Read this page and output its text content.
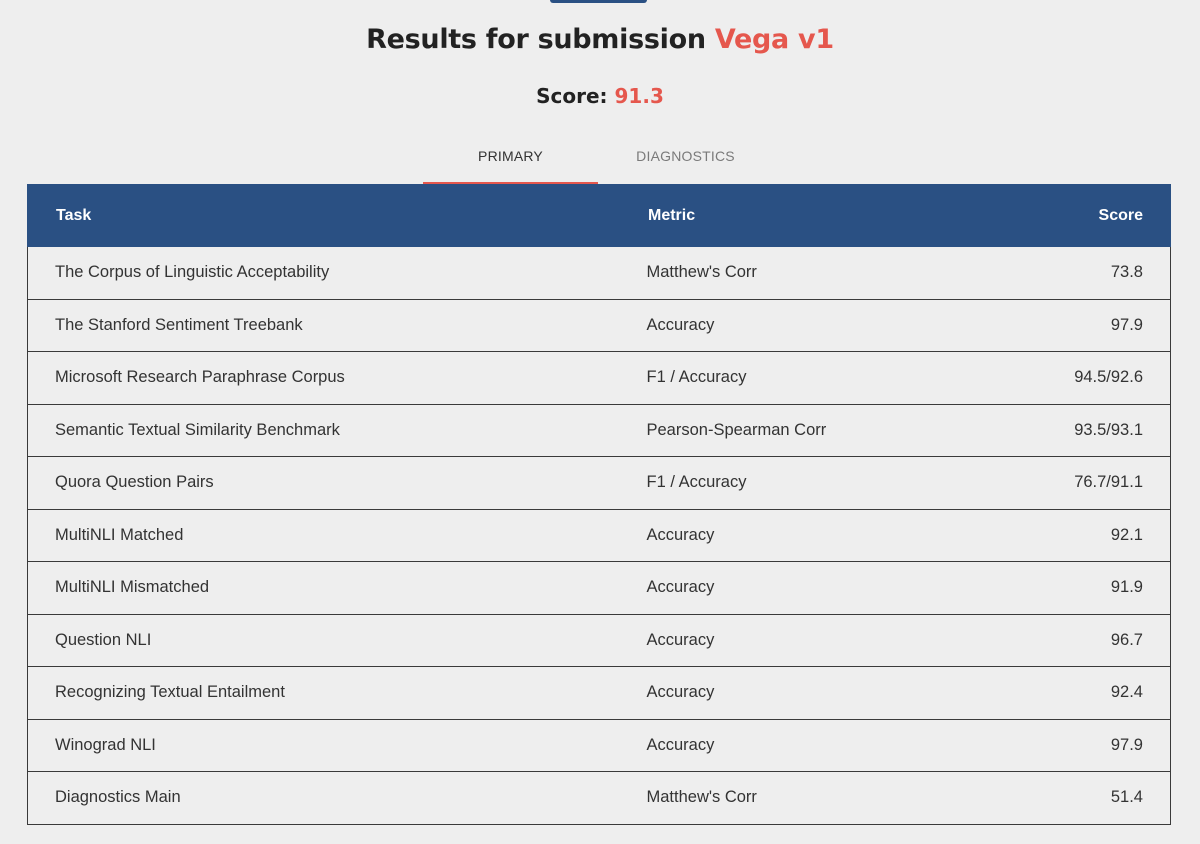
Results for submission Vega v1
Score: 91.3
PRIMARY	DIAGNOSTICS
Task	Metric	Score
The Corpus of Linguistic Acceptability	Matthew's Corr	73.8
The Stanford Sentiment Treebank	Accuracy	97.9
Microsoft Research Paraphrase Corpus	F1 / Accuracy	94.5/92.6
Semantic Textual Similarity Benchmark	Pearson-Spearman Corr	93.5/93.1
Quora Question Pairs	F1 / Accuracy	76.7/91.1
MultiNLI Matched	Accuracy	92.1
MultiNLI Mismatched	Accuracy	91.9
Question NLI	Accuracy	96.7
Recognizing Textual Entailment	Accuracy	92.4
Winograd NLI	Accuracy	97.9
Diagnostics Main	Matthew's Corr	51.4
